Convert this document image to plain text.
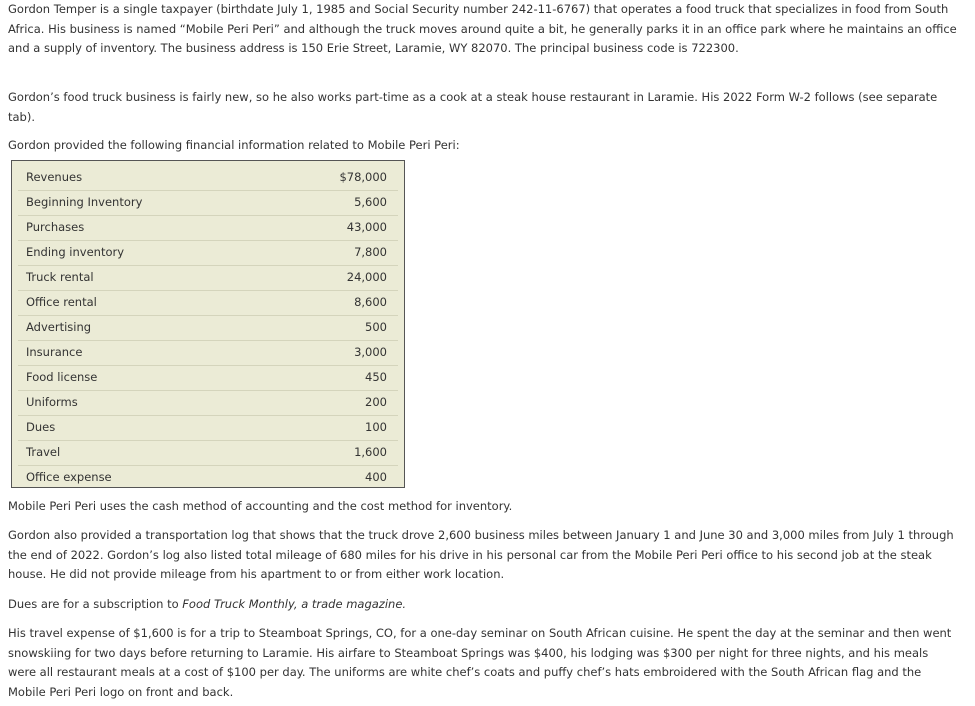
Gordon Temper is a single taxpayer (birthdate July 1, 1985 and Social Security number 242-11-6767) that operates a food truck that specializes in food from South Africa. His business is named “Mobile Peri Peri” and although the truck moves around quite a bit, he generally parks it in an office park where he maintains an office and a supply of inventory. The business address is 150 Erie Street, Laramie, WY 82070. The principal business code is 722300.

Gordon’s food truck business is fairly new, so he also works part-time as a cook at a steak house restaurant in Laramie. His 2022 Form W-2 follows (see separate tab).

Gordon provided the following financial information related to Mobile Peri Peri:

Revenues	$78,000
Beginning Inventory	5,600
Purchases	43,000
Ending inventory	7,800
Truck rental	24,000
Office rental	8,600
Advertising	500
Insurance	3,000
Food license	450
Uniforms	200
Dues	100
Travel	1,600
Office expense	400

Mobile Peri Peri uses the cash method of accounting and the cost method for inventory.

Gordon also provided a transportation log that shows that the truck drove 2,600 business miles between January 1 and June 30 and 3,000 miles from July 1 through the end of 2022. Gordon’s log also listed total mileage of 680 miles for his drive in his personal car from the Mobile Peri Peri office to his second job at the steak house. He did not provide mileage from his apartment to or from either work location.

Dues are for a subscription to Food Truck Monthly, a trade magazine.

His travel expense of $1,600 is for a trip to Steamboat Springs, CO, for a one-day seminar on South African cuisine. He spent the day at the seminar and then went snowskiing for two days before returning to Laramie. His airfare to Steamboat Springs was $400, his lodging was $300 per night for three nights, and his meals were all restaurant meals at a cost of $100 per day. The uniforms are white chef’s coats and puffy chef’s hats embroidered with the South African flag and the Mobile Peri Peri logo on front and back.
